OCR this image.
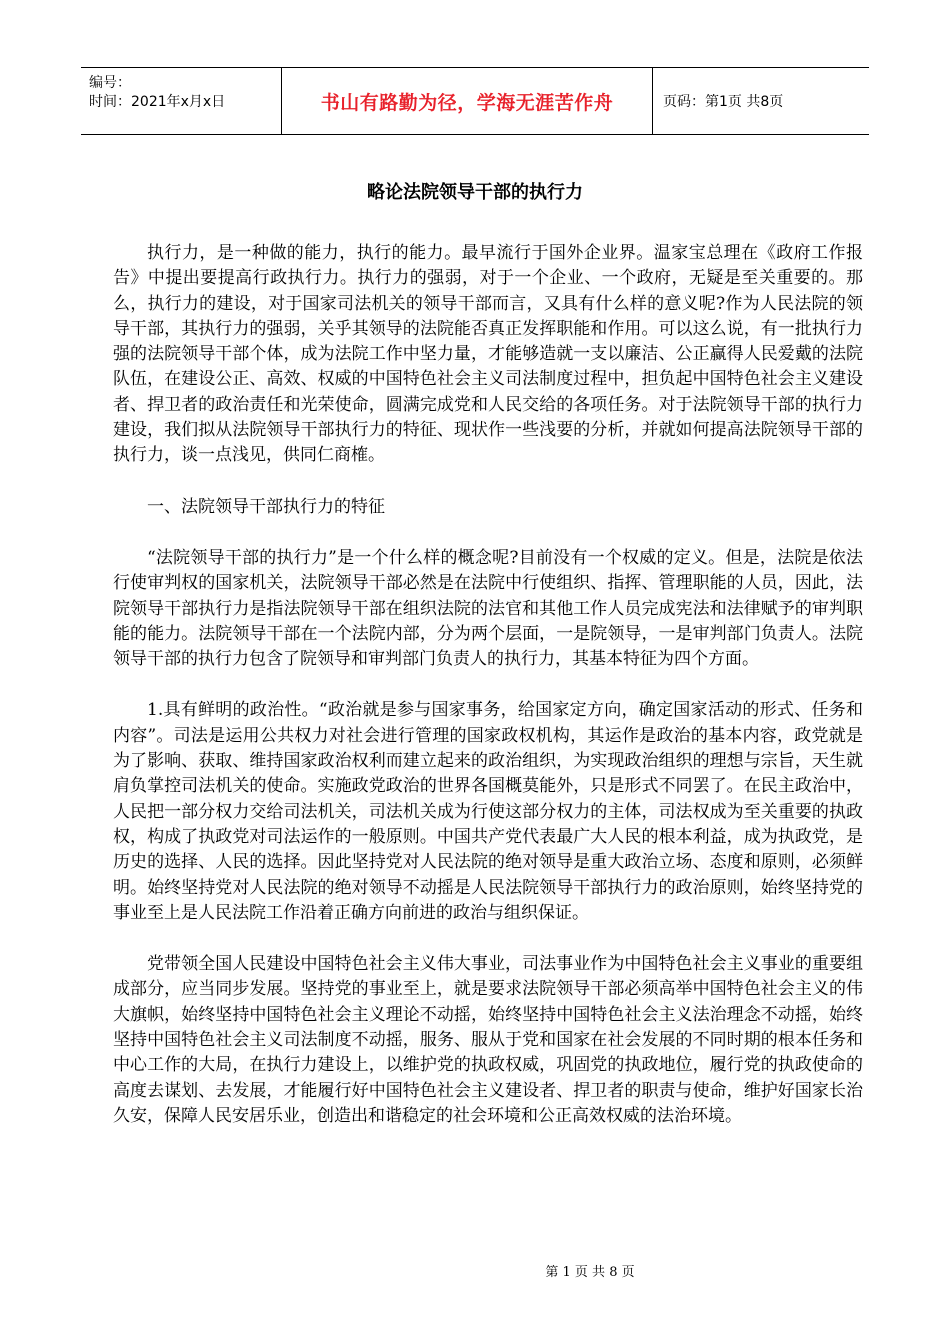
编号：
时间：2021年x月x日	书山有路勤为径，学海无涯苦作舟	页码：第1页 共8页
略论法院领导干部的执行力

执行力，是一种做的能力，执行的能力。最早流行于国外企业界。温家宝总理在《政府工作报告》中提出要提高行政执行力。执行力的强弱，对于一个企业、一个政府，无疑是至关重要的。那么，执行力的建设，对于国家司法机关的领导干部而言，又具有什么样的意义呢?作为人民法院的领导干部，其执行力的强弱，关乎其领导的法院能否真正发挥职能和作用。可以这么说，有一批执行力强的法院领导干部个体，成为法院工作中坚力量，才能够造就一支以廉洁、公正赢得人民爱戴的法院队伍，在建设公正、高效、权威的中国特色社会主义司法制度过程中，担负起中国特色社会主义建设者、捍卫者的政治责任和光荣使命，圆满完成党和人民交给的各项任务。对于法院领导干部的执行力建设，我们拟从法院领导干部执行力的特征、现状作一些浅要的分析，并就如何提高法院领导干部的执行力，谈一点浅见，供同仁商榷。

一、法院领导干部执行力的特征

“法院领导干部的执行力”是一个什么样的概念呢?目前没有一个权威的定义。但是，法院是依法行使审判权的国家机关，法院领导干部必然是在法院中行使组织、指挥、管理职能的人员，因此，法院领导干部执行力是指法院领导干部在组织法院的法官和其他工作人员完成宪法和法律赋予的审判职能的能力。法院领导干部在一个法院内部，分为两个层面，一是院领导，一是审判部门负责人。法院领导干部的执行力包含了院领导和审判部门负责人的执行力，其基本特征为四个方面。

1.具有鲜明的政治性。“政治就是参与国家事务，给国家定方向，确定国家活动的形式、任务和内容”。司法是运用公共权力对社会进行管理的国家政权机构，其运作是政治的基本内容，政党就是为了影响、获取、维持国家政治权利而建立起来的政治组织，为实现政治组织的理想与宗旨，天生就肩负掌控司法机关的使命。实施政党政治的世界各国概莫能外，只是形式不同罢了。在民主政治中，人民把一部分权力交给司法机关，司法机关成为行使这部分权力的主体，司法权成为至关重要的执政权，构成了执政党对司法运作的一般原则。中国共产党代表最广大人民的根本利益，成为执政党，是历史的选择、人民的选择。因此坚持党对人民法院的绝对领导是重大政治立场、态度和原则，必须鲜明。始终坚持党对人民法院的绝对领导不动摇是人民法院领导干部执行力的政治原则，始终坚持党的事业至上是人民法院工作沿着正确方向前进的政治与组织保证。

党带领全国人民建设中国特色社会主义伟大事业，司法事业作为中国特色社会主义事业的重要组成部分，应当同步发展。坚持党的事业至上，就是要求法院领导干部必须高举中国特色社会主义的伟大旗帜，始终坚持中国特色社会主义理论不动摇，始终坚持中国特色社会主义法治理念不动摇，始终坚持中国特色社会主义司法制度不动摇，服务、服从于党和国家在社会发展的不同时期的根本任务和中心工作的大局，在执行力建设上，以维护党的执政权威，巩固党的执政地位，履行党的执政使命的高度去谋划、去发展，才能履行好中国特色社会主义建设者、捍卫者的职责与使命，维护好国家长治久安，保障人民安居乐业，创造出和谐稳定的社会环境和公正高效权威的法治环境。

第 1 页 共 8 页
